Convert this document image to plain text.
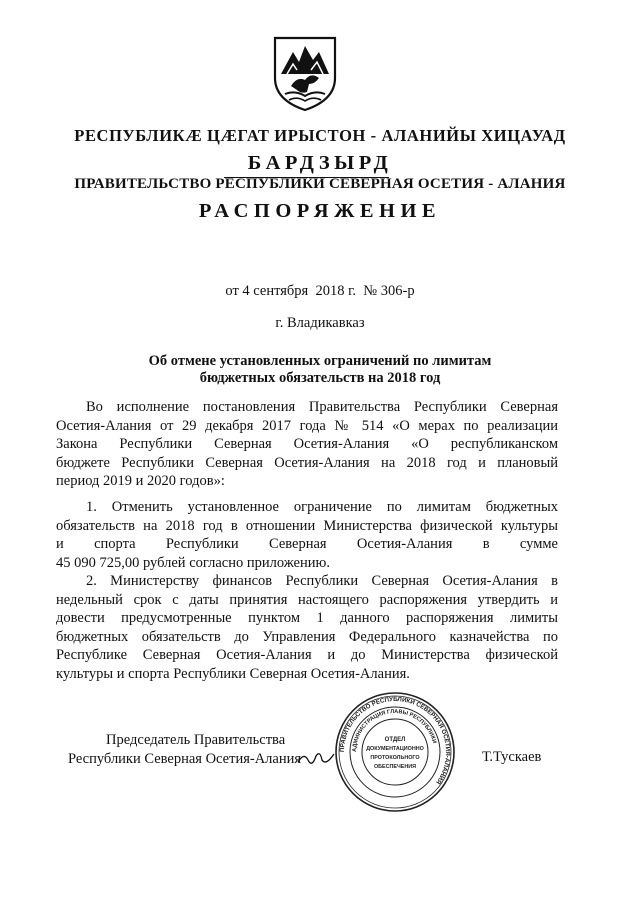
РЕСПУБЛИКӔ ЦӔГАТ ИРЫСТОН - АЛАНИЙЫ ХИЦАУАД
БАРДЗЫРД
ПРАВИТЕЛЬСТВО РЕСПУБЛИКИ СЕВЕРНАЯ ОСЕТИЯ - АЛАНИЯ
РАСПОРЯЖЕНИЕ
от 4 сентября  2018 г. № 306-р
г. Владикавказ
Об отмене установленных ограничений по лимитам
бюджетных обязательств на 2018 год
Во исполнение постановления Правительства Республики Северная
Осетия-Алания от 29 декабря 2017 года № 514 «О мерах по реализации
Закона Республики Северная Осетия-Алания «О республиканском
бюджете Республики Северная Осетия-Алания на 2018 год и плановый
период 2019 и 2020 годов»:
1. Отменить установленное ограничение по лимитам бюджетных
обязательств на 2018 год в отношении Министерства физической культуры
и спорта Республики Северная Осетия-Алания в сумме
45 090 725,00 рублей согласно приложению.
2. Министерству финансов Республики Северная Осетия-Алания в
недельный срок с даты принятия настоящего распоряжения утвердить и
довести предусмотренные пунктом 1 данного распоряжения лимиты
бюджетных обязательств до Управления Федерального казначейства по
Республике Северная Осетия-Алания и до Министерства физической
культуры и спорта Республики Северная Осетия-Алания.
ПРАВИТЕЛЬСТВО РЕСПУБЛИКИ СЕВЕРНАЯ ОСЕТИЯ-АЛАНИЯ
АДМИНИСТРАЦИЯ ГЛАВЫ РЕСПУБЛИКИ
ОТДЕЛ
ДОКУМЕНТАЦИОННО
ПРОТОКОЛЬНОГО
ОБЕСПЕЧЕНИЯ
Председатель Правительства
Республики Северная Осетия-Алания	Т.Тускаев
